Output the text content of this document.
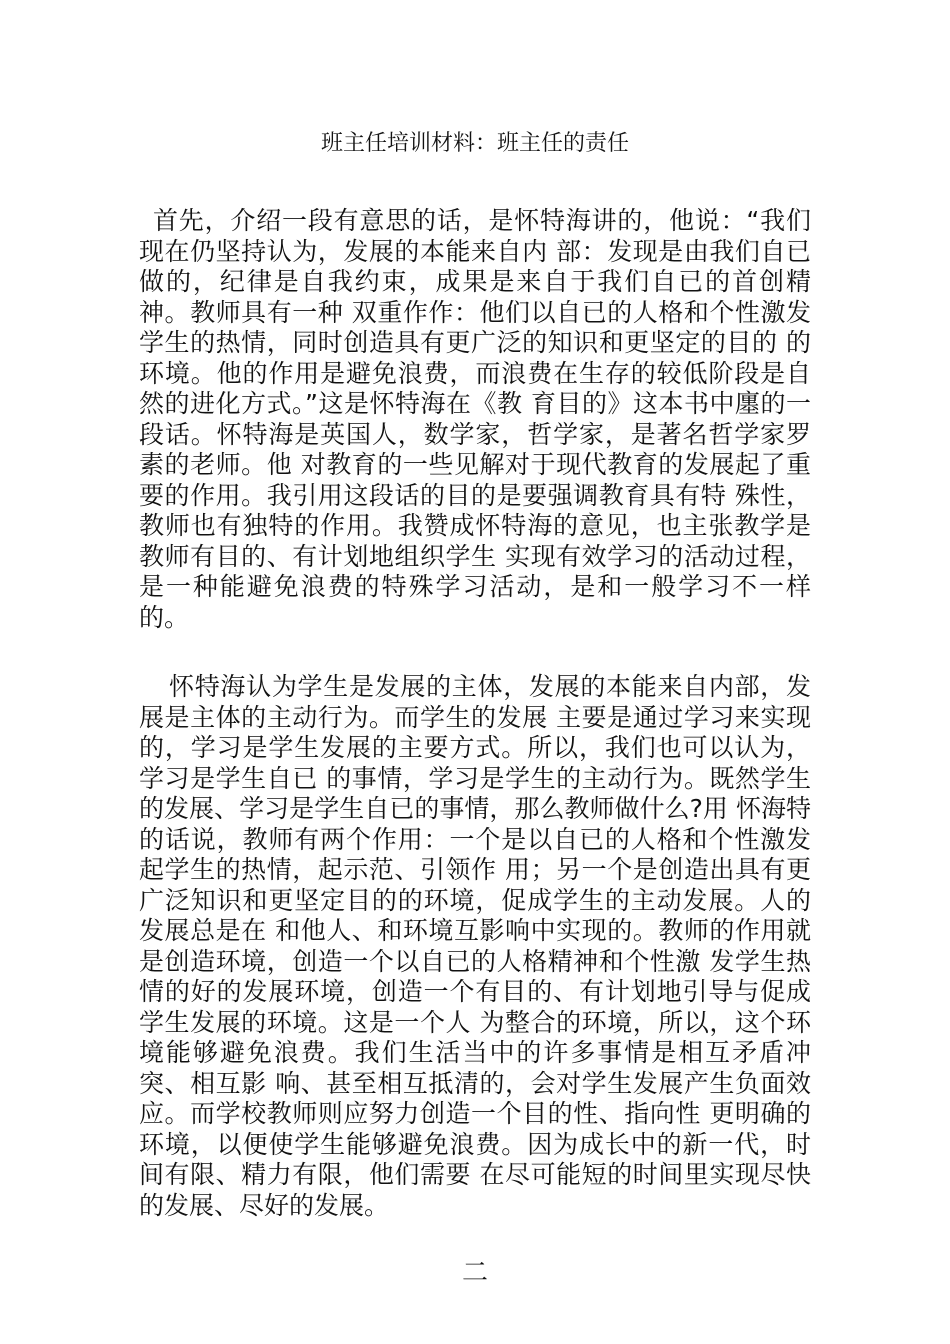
班主任培训材料：班主任的责任

首先，介绍一段有意思的话，是怀特海讲的，他说：“我们现在仍坚持认为，发展的本能来自内 部：发现是由我们自已做的，纪律是自我约束，成果是来自于我们自已的首创精神。教师具有一种 双重作作：他们以自已的人格和个性激发学生的热情，同时创造具有更广泛的知识和更坚定的目的 的环境。他的作用是避免浪费，而浪费在生存的较低阶段是自然的进化方式。”这是怀特海在《教 育目的》这本书中廛的一段话。怀特海是英国人，数学家，哲学家，是著名哲学家罗素的老师。他 对教育的一些见解对于现代教育的发展起了重要的作用。我引用这段话的目的是要强调教育具有特 殊性，教师也有独特的作用。我赞成怀特海的意见，也主张教学是教师有目的、有计划地组织学生 实现有效学习的活动过程，是一种能避免浪费的特殊学习活动，是和一般学习不一样的。

怀特海认为学生是发展的主体，发展的本能来自内部，发展是主体的主动行为。而学生的发展 主要是通过学习来实现的，学习是学生发展的主要方式。所以，我们也可以认为，学习是学生自已 的事情，学习是学生的主动行为。既然学生的发展、学习是学生自已的事情，那么教师做什么?用 怀海特的话说，教师有两个作用：一个是以自已的人格和个性激发起学生的热情，起示范、引领作 用；另一个是创造出具有更广泛知识和更坚定目的的环境，促成学生的主动发展。人的发展总是在 和他人、和环境互影响中实现的。教师的作用就是创造环境，创造一个以自已的人格精神和个性激 发学生热情的好的发展环境，创造一个有目的、有计划地引导与促成学生发展的环境。这是一个人 为整合的环境，所以，这个环境能够避免浪费。我们生活当中的许多事情是相互矛盾冲突、相互影 响、甚至相互抵清的，会对学生发展产生负面效应。而学校教师则应努力创造一个目的性、指向性 更明确的环境，以便使学生能够避免浪费。因为成长中的新一代，时间有限、精力有限，他们需要 在尽可能短的时间里实现尽快的发展、尽好的发展。

二
